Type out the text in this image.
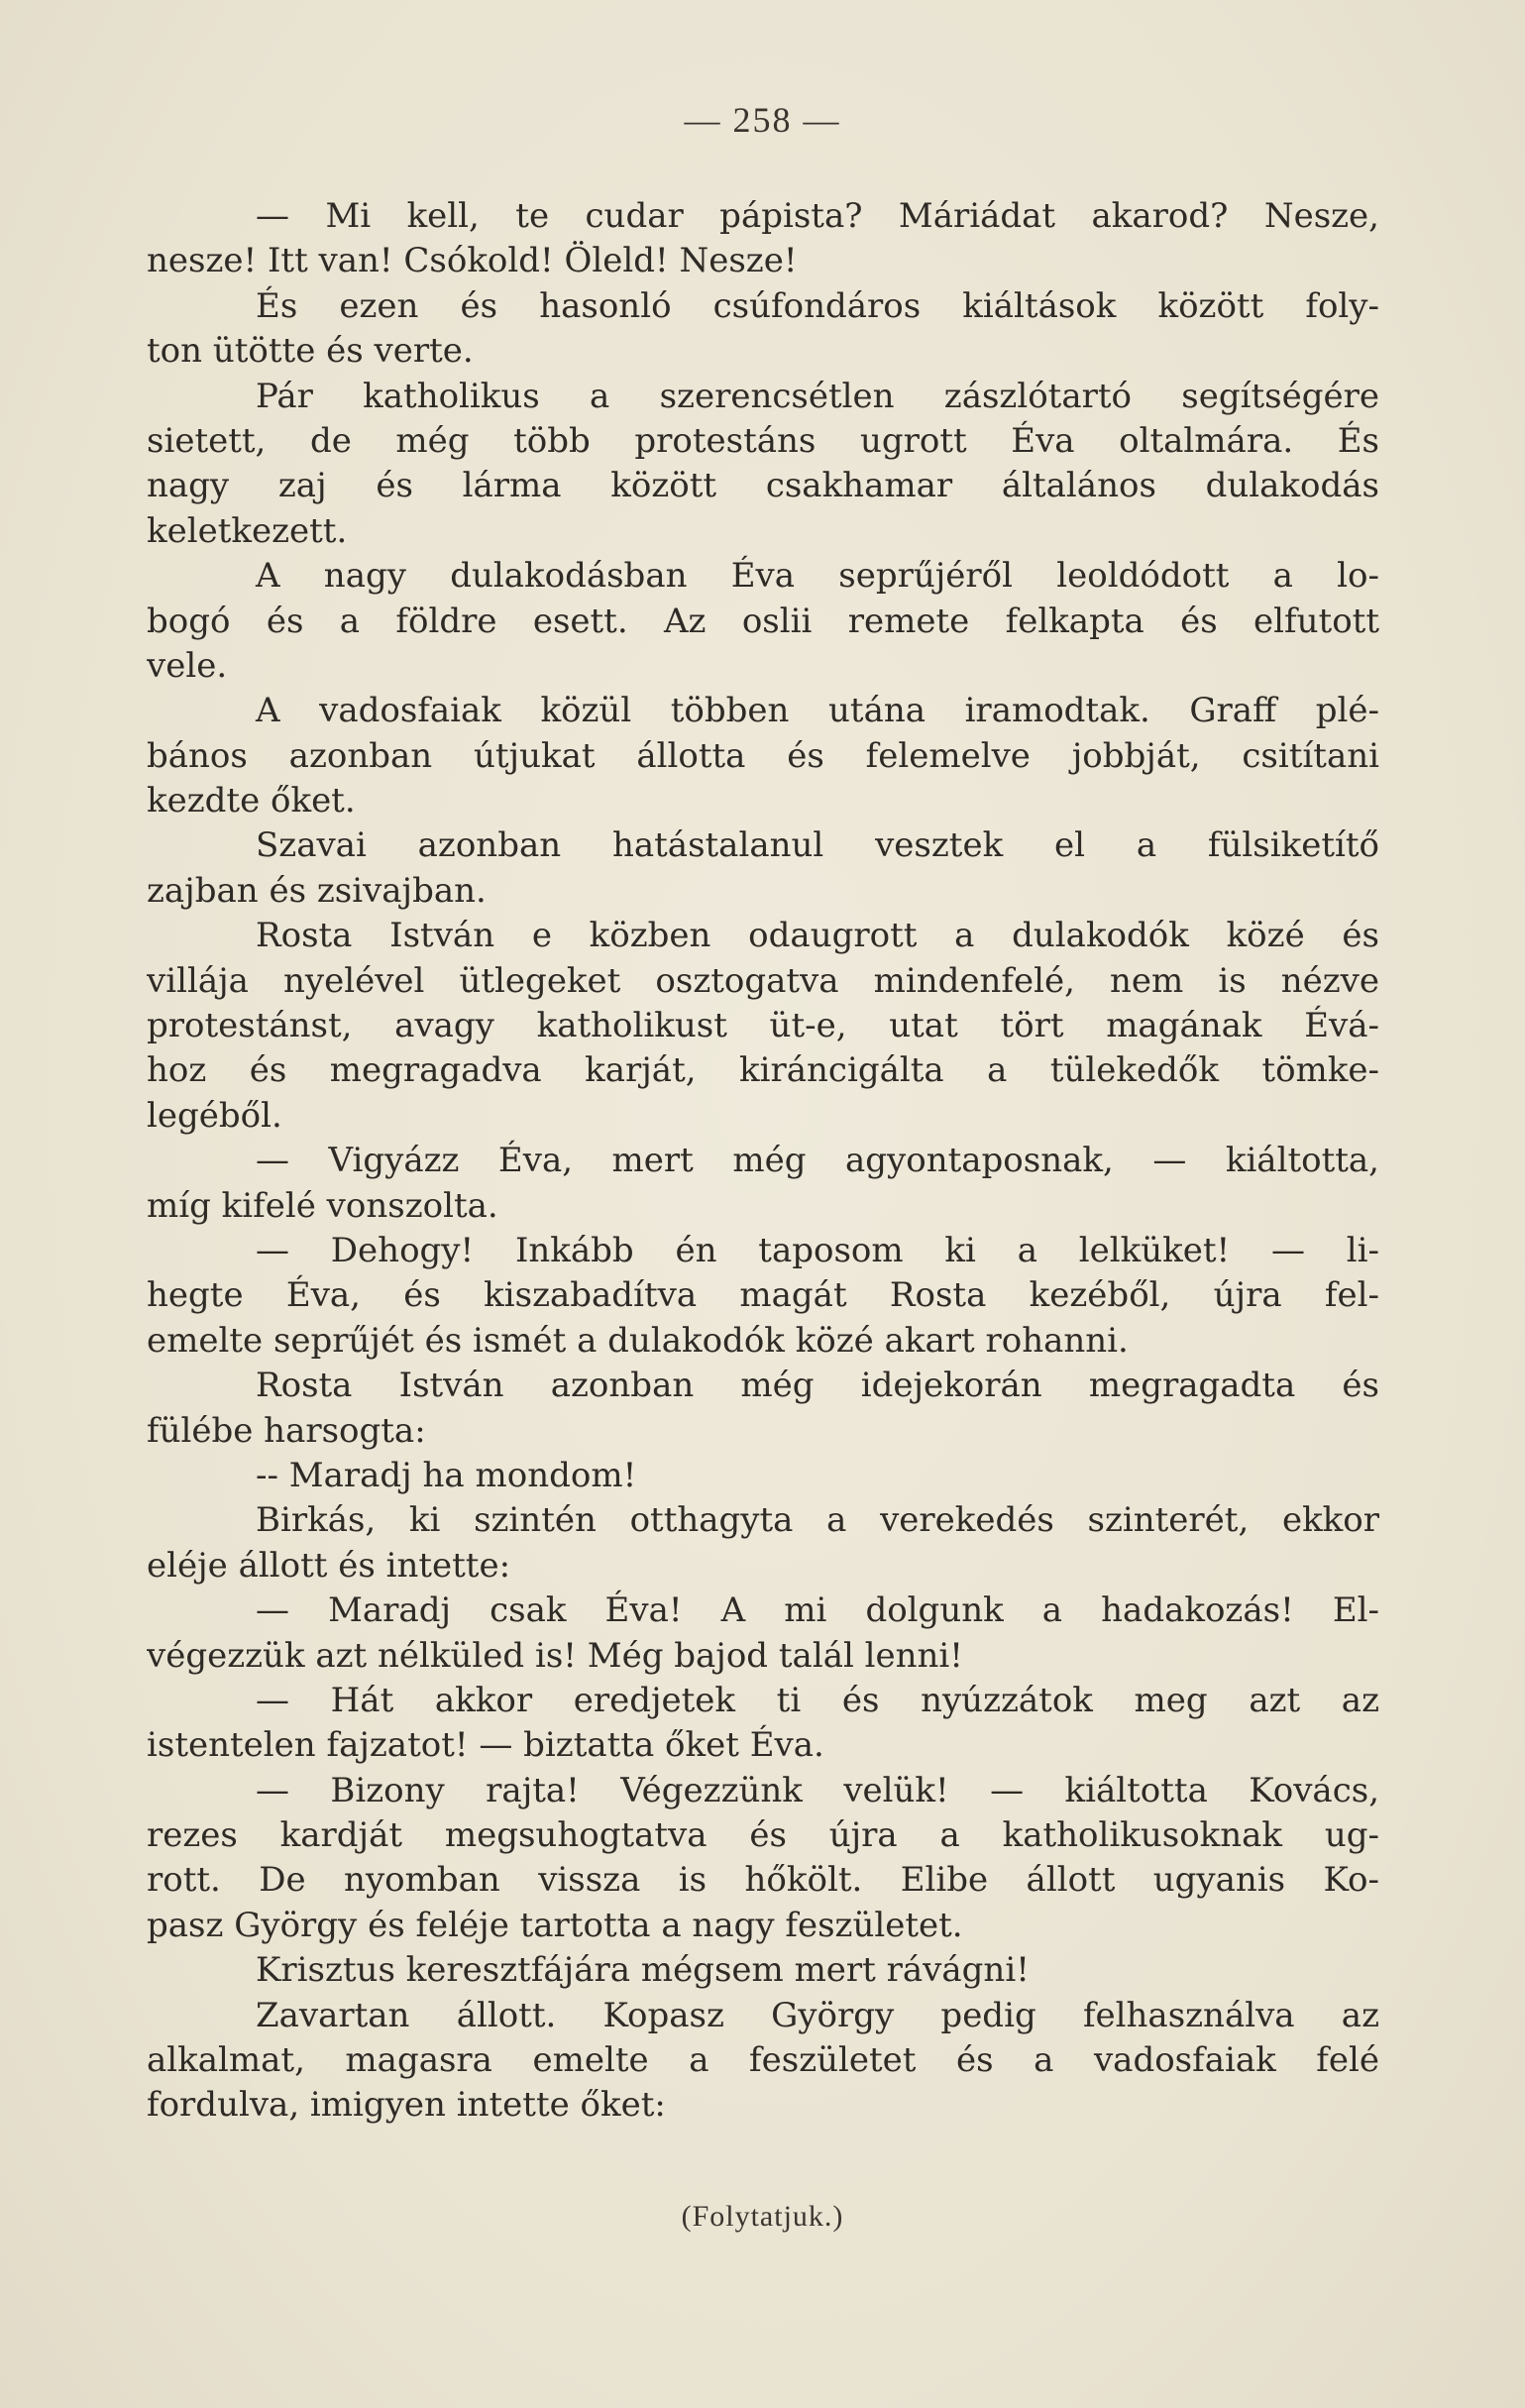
— 258 —
— Mi kell, te cudar pápista? Máriádat akarod? Nesze,
nesze! Itt van! Csókold! Öleld! Nesze!
És ezen és hasonló csúfondáros kiáltások között foly-
ton ütötte és verte.
Pár katholikus a szerencsétlen zászlótartó segítségére
sietett, de még több protestáns ugrott Éva oltalmára. És
nagy zaj és lárma között csakhamar általános dulakodás
keletkezett.
A nagy dulakodásban Éva seprűjéről leoldódott a lo-
bogó és a földre esett. Az oslii remete felkapta és elfutott
vele.
A vadosfaiak közül többen utána iramodtak. Graff plé-
bános azonban útjukat állotta és felemelve jobbját, csitítani
kezdte őket.
Szavai azonban hatástalanul vesztek el a fülsiketítő
zajban és zsivajban.
Rosta István e közben odaugrott a dulakodók közé és
villája nyelével ütlegeket osztogatva mindenfelé, nem is nézve
protestánst, avagy katholikust üt-e, utat tört magának Évá-
hoz és megragadva karját, kiráncigálta a tülekedők tömke-
legéből.
— Vigyázz Éva, mert még agyontaposnak, — kiáltotta,
míg kifelé vonszolta.
— Dehogy! Inkább én taposom ki a lelküket! — li-
hegte Éva, és kiszabadítva magát Rosta kezéből, újra fel-
emelte seprűjét és ismét a dulakodók közé akart rohanni.
Rosta István azonban még idejekorán megragadta és
fülébe harsogta:
-- Maradj ha mondom!
Birkás, ki szintén otthagyta a verekedés szinterét, ekkor
eléje állott és intette:
— Maradj csak Éva! A mi dolgunk a hadakozás! El-
végezzük azt nélküled is! Még bajod talál lenni!
— Hát akkor eredjetek ti és nyúzzátok meg azt az
istentelen fajzatot! — biztatta őket Éva.
— Bizony rajta! Végezzünk velük! — kiáltotta Kovács,
rezes kardját megsuhogtatva és újra a katholikusoknak ug-
rott. De nyomban vissza is hőkölt. Elibe állott ugyanis Ko-
pasz György és feléje tartotta a nagy feszületet.
Krisztus keresztfájára mégsem mert rávágni!
Zavartan állott. Kopasz György pedig felhasználva az
alkalmat, magasra emelte a feszületet és a vadosfaiak felé
fordulva, imigyen intette őket:
(Folytatjuk.)
